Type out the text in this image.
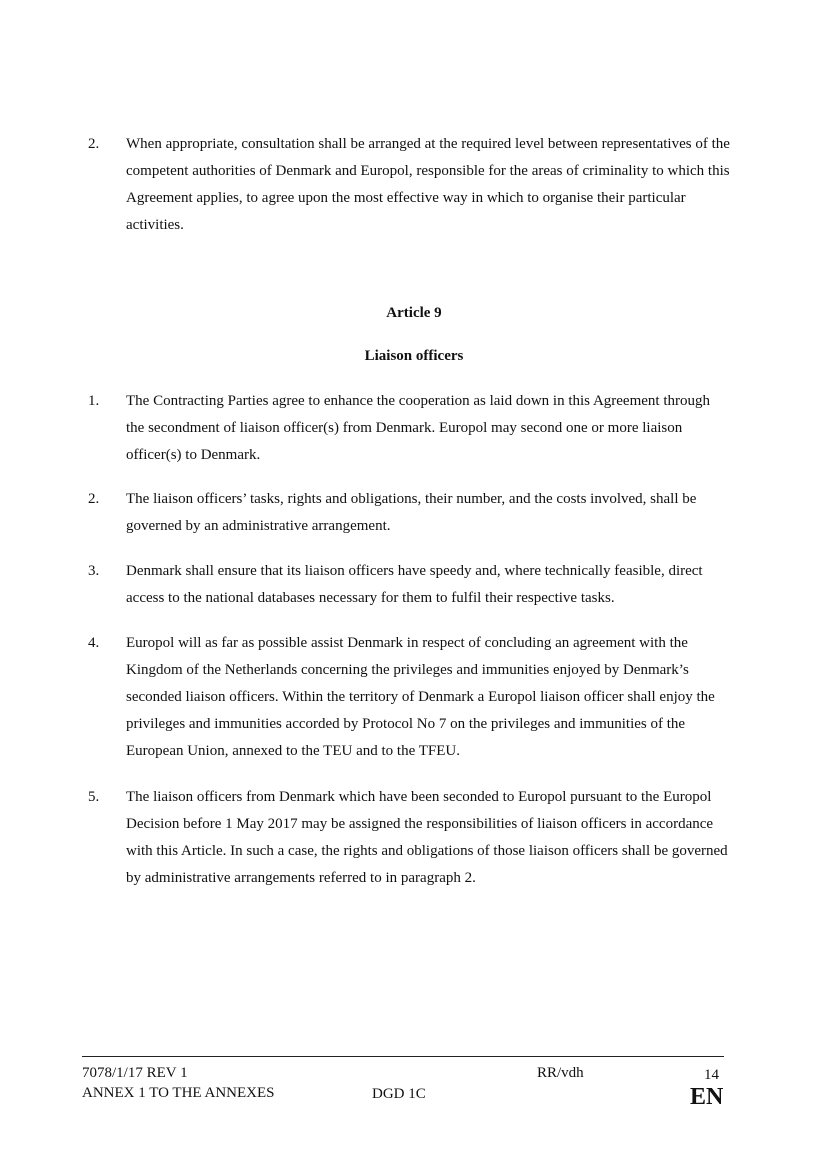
2. When appropriate, consultation shall be arranged at the required level between representatives of the competent authorities of Denmark and Europol, responsible for the areas of criminality to which this Agreement applies, to agree upon the most effective way in which to organise their particular activities.
Article 9
Liaison officers
1. The Contracting Parties agree to enhance the cooperation as laid down in this Agreement through the secondment of liaison officer(s) from Denmark. Europol may second one or more liaison officer(s) to Denmark.
2. The liaison officers’ tasks, rights and obligations, their number, and the costs involved, shall be governed by an administrative arrangement.
3. Denmark shall ensure that its liaison officers have speedy and, where technically feasible, direct access to the national databases necessary for them to fulfil their respective tasks.
4. Europol will as far as possible assist Denmark in respect of concluding an agreement with the Kingdom of the Netherlands concerning the privileges and immunities enjoyed by Denmark’s seconded liaison officers. Within the territory of Denmark a Europol liaison officer shall enjoy the privileges and immunities accorded by Protocol No 7 on the privileges and immunities of the European Union, annexed to the TEU and to the TFEU.
5. The liaison officers from Denmark which have been seconded to Europol pursuant to the Europol Decision before 1 May 2017 may be assigned the responsibilities of liaison officers in accordance with this Article. In such a case, the rights and obligations of those liaison officers shall be governed by administrative arrangements referred to in paragraph 2.
7078/1/17 REV 1
ANNEX 1 TO THE ANNEXES	DGD 1C
RR/vdh	14
EN
